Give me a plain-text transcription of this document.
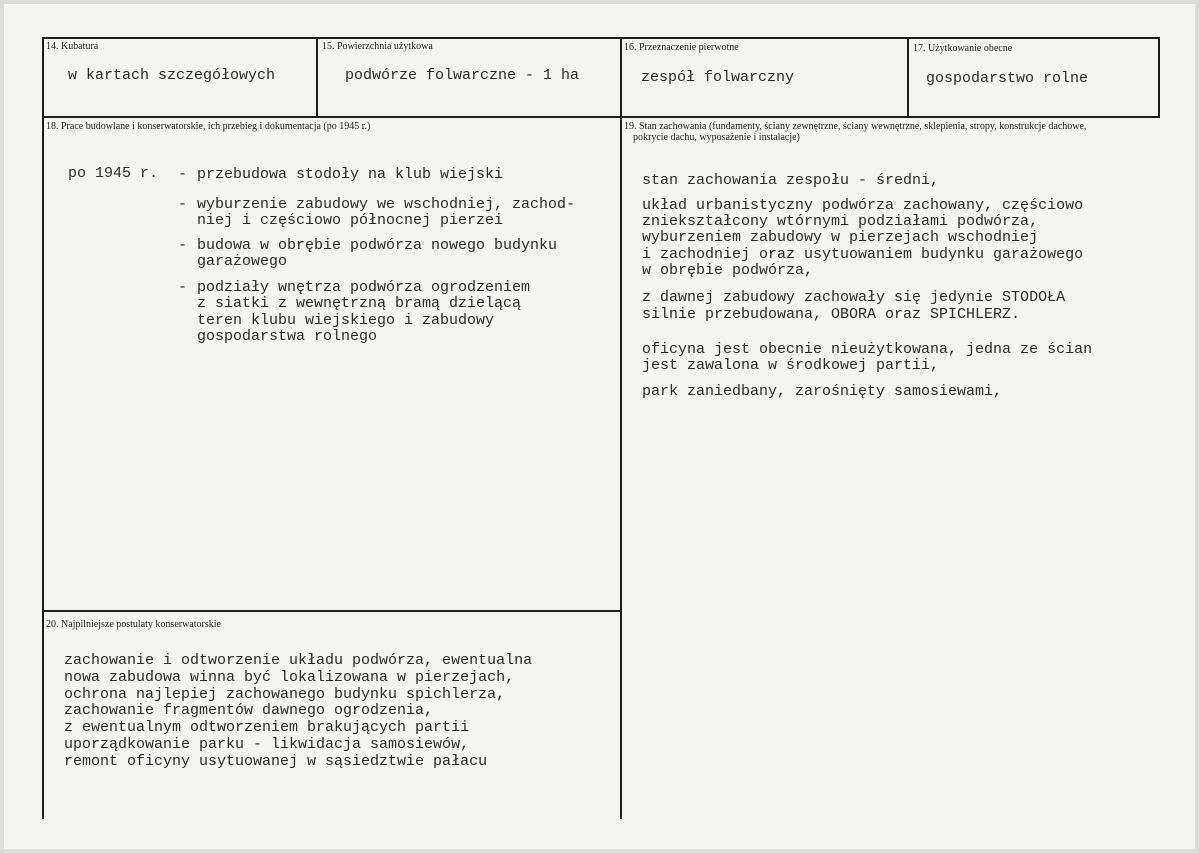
14. Kubatura
w kartach szczegółowych
15. Powierzchnia użytkowa
podwórze folwarczne - 1 ha
16. Przeznaczenie pierwotne
zespół folwarczny
17. Użytkowanie obecne
gospodarstwo rolne
18. Prace budowlane i konserwatorskie, ich przebieg i dokumentacja (po 1945 r.)
po 1945 r. - przebudowa stodoły na klub wiejski
- wyburzenie zabudowy we wschodniej, zachod-
niej i częściowo północnej pierzei
- budowa w obrębie podwórza nowego budynku
garażowego
- podziały wnętrza podwórza ogrodzeniem
z siatki z wewnętrzną bramą dzielącą
teren klubu wiejskiego i zabudowy
gospodarstwa rolnego
19. Stan zachowania (fundamenty, ściany zewnętrzne, ściany wewnętrzne, sklepienia, stropy, konstrukcje dachowe,
pokrycie dachu, wyposażenie i instalacje)
stan zachowania zespołu - średni,
układ urbanistyczny podwórza zachowany, częściowo
zniekształcony wtórnymi podziałami podwórza,
wyburzeniem zabudowy w pierzejach wschodniej
i zachodniej oraz usytuowaniem budynku garażowego
w obrębie podwórza,
z dawnej zabudowy zachowały się jedynie STODOŁA
silnie przebudowana, OBORA oraz SPICHLERZ.
oficyna jest obecnie nieużytkowana, jedna ze ścian
jest zawalona w środkowej partii,
park zaniedbany, zarośnięty samosiewami,
20. Najpilniejsze postulaty konserwatorskie
zachowanie i odtworzenie układu podwórza, ewentualna
nowa zabudowa winna być lokalizowana w pierzejach,
ochrona najlepiej zachowanego budynku spichlerza,
zachowanie fragmentów dawnego ogrodzenia,
z ewentualnym odtworzeniem brakujących partii
uporządkowanie parku - likwidacja samosiewów,
remont oficyny usytuowanej w sąsiedztwie pałacu
